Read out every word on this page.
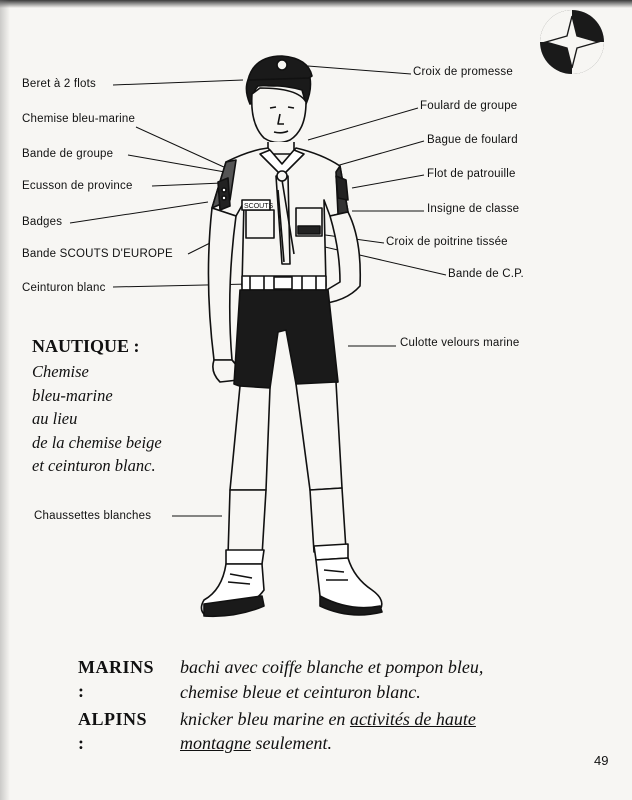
SCOUTS
Beret à 2 flots
Chemise bleu-marine
Bande de groupe
Ecusson de province
Badges
Bande SCOUTS D'EUROPE
Ceinturon blanc
Chaussettes blanches
Croix de promesse
Foulard de groupe
Bague de foulard
Flot de patrouille
Insigne de classe
Croix de poitrine tissée
Bande de C.P.
Culotte velours marine
NAUTIQUE :
Chemise
bleu-marine
au lieu
de la chemise beige
et ceinturon blanc.
MARINS :
bachi avec coiffe blanche et pompon bleu,
chemise bleue et ceinturon blanc.
ALPINS :
knicker bleu marine en activités de haute
montagne seulement.
49
